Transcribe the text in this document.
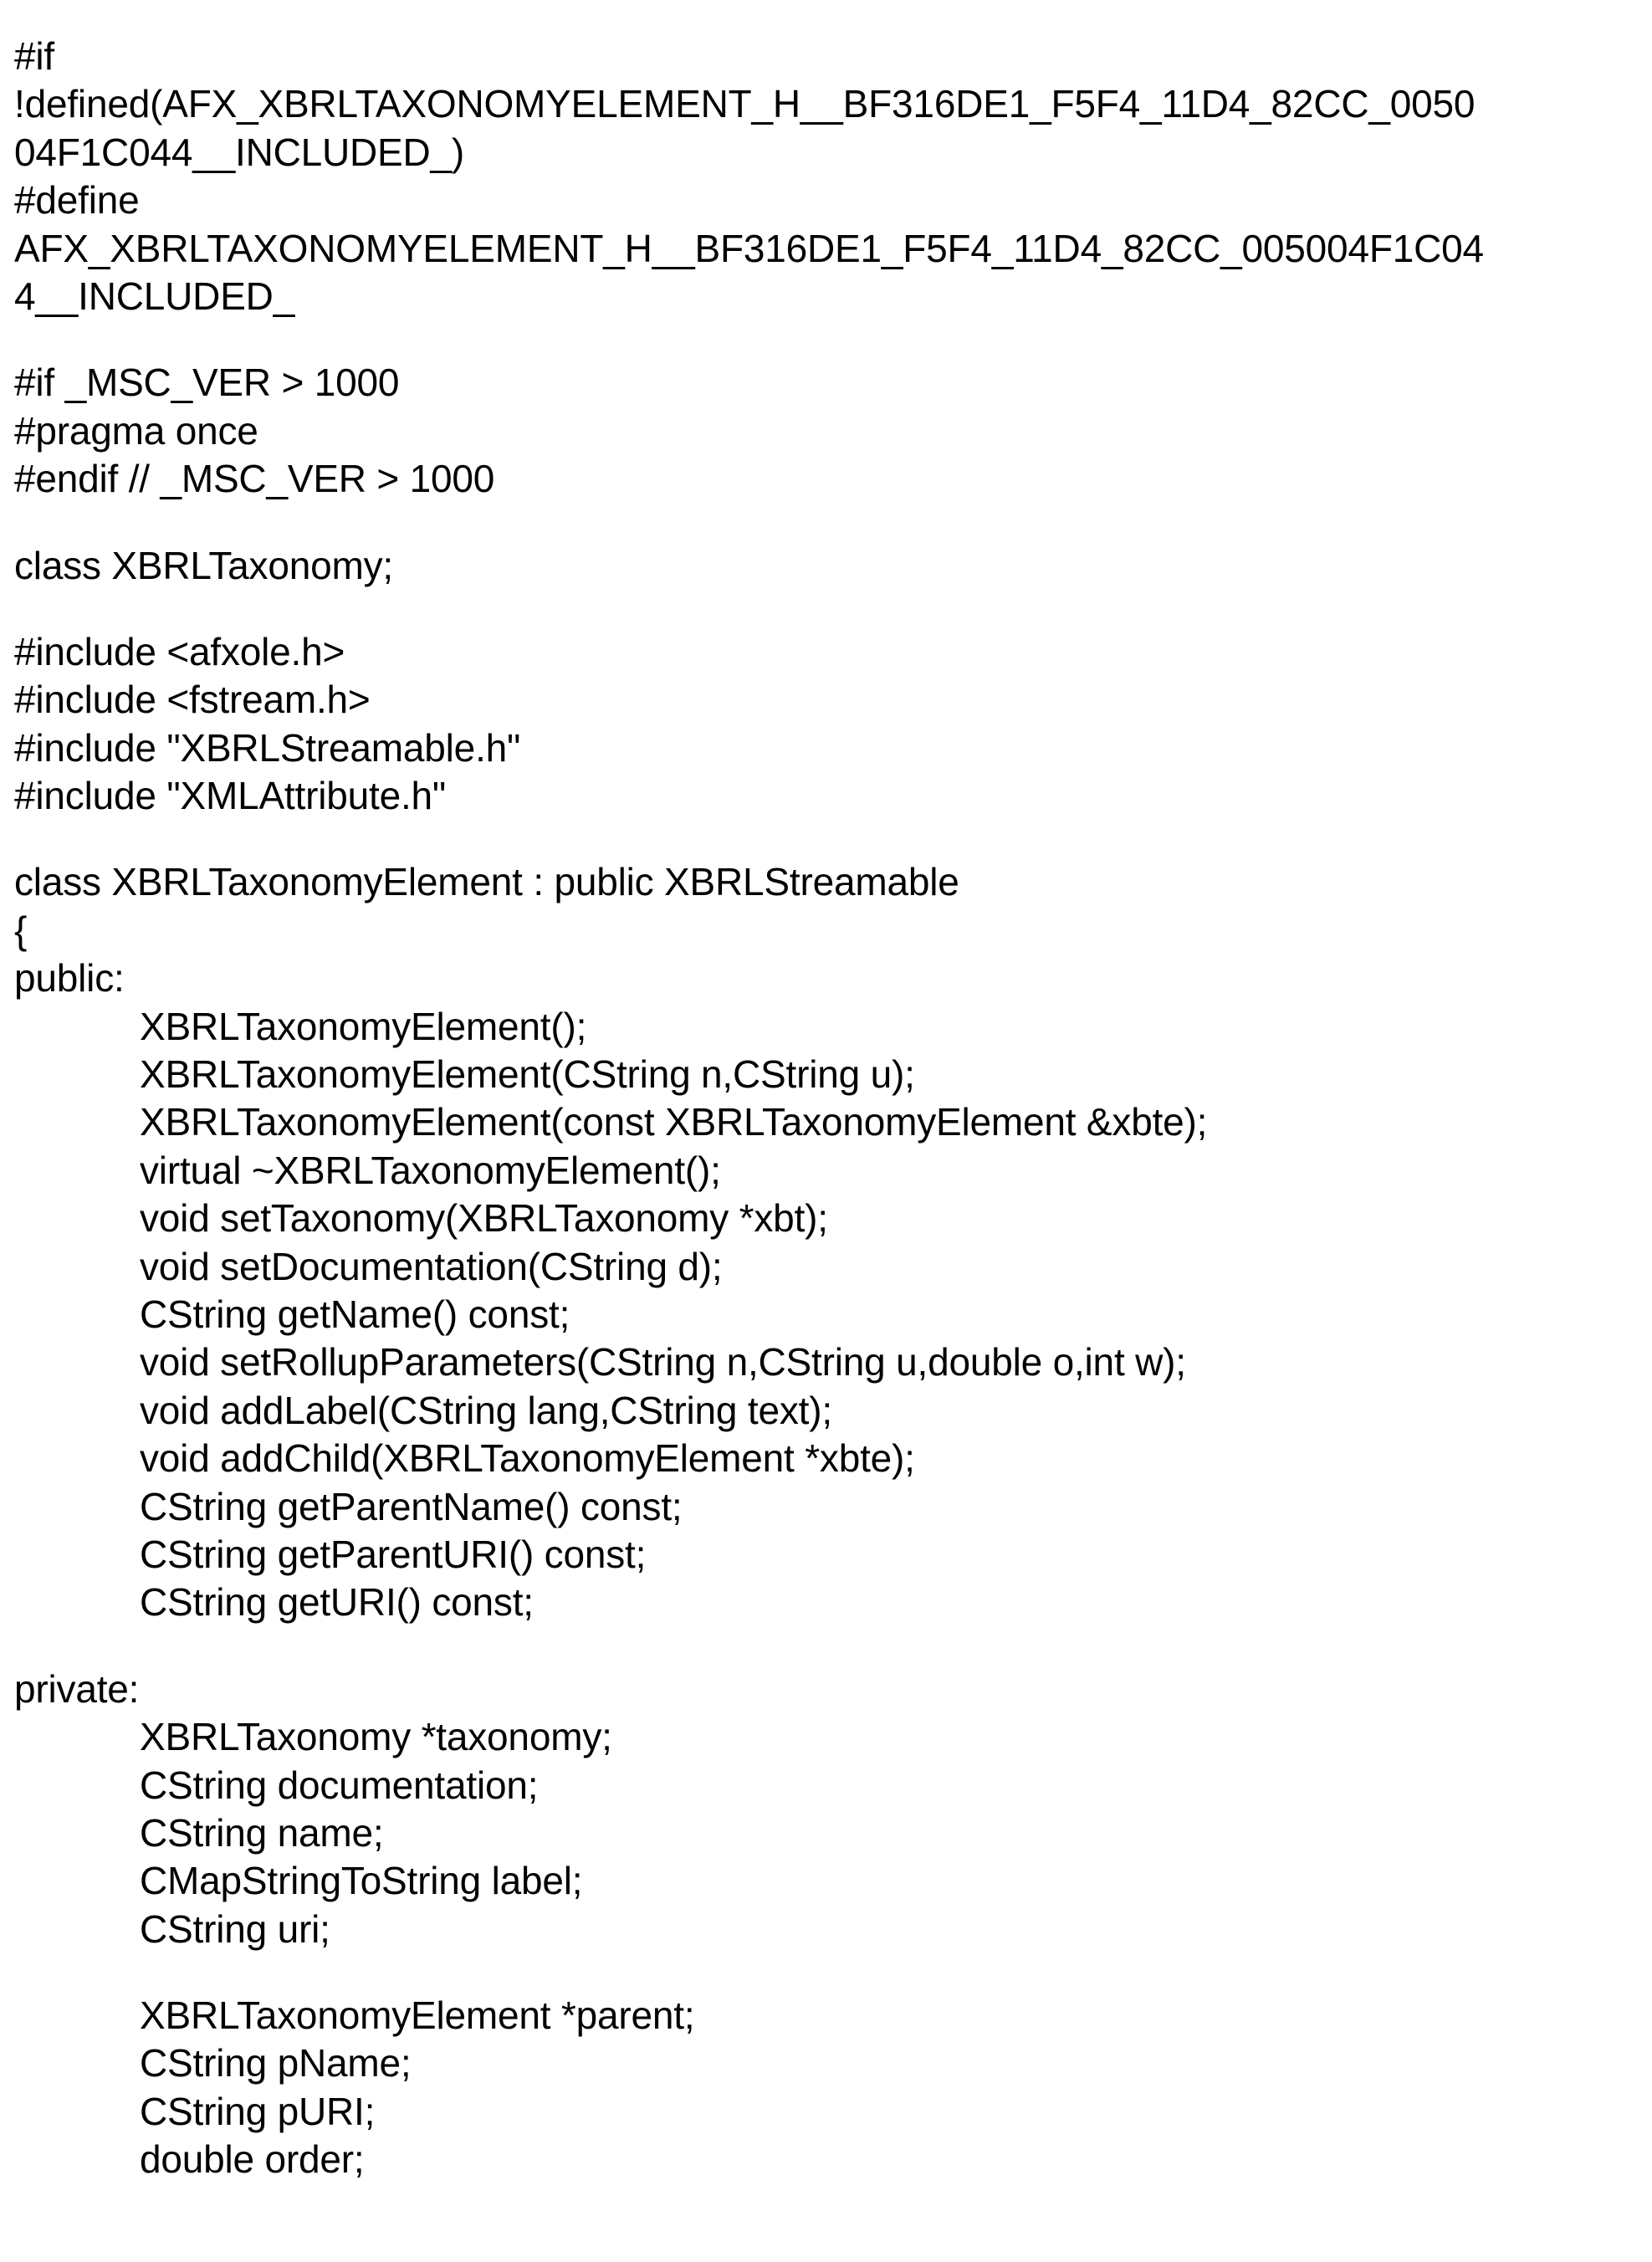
#if
!defined(AFX_XBRLTAXONOMYELEMENT_H__BF316DE1_F5F4_11D4_82CC_0050
04F1C044__INCLUDED_)
#define
AFX_XBRLTAXONOMYELEMENT_H__BF316DE1_F5F4_11D4_82CC_005004F1C04
4__INCLUDED_
#if _MSC_VER > 1000
#pragma once
#endif // _MSC_VER > 1000
class XBRLTaxonomy;
#include <afxole.h>
#include <fstream.h>
#include "XBRLStreamable.h"
#include "XMLAttribute.h"
class XBRLTaxonomyElement : public XBRLStreamable
{
public:
XBRLTaxonomyElement();
XBRLTaxonomyElement(CString n,CString u);
XBRLTaxonomyElement(const XBRLTaxonomyElement &xbte);
virtual ~XBRLTaxonomyElement();
void setTaxonomy(XBRLTaxonomy *xbt);
void setDocumentation(CString d);
CString getName() const;
void setRollupParameters(CString n,CString u,double o,int w);
void addLabel(CString lang,CString text);
void addChild(XBRLTaxonomyElement *xbte);
CString getParentName() const;
CString getParentURI() const;
CString getURI() const;
private:
XBRLTaxonomy *taxonomy;
CString documentation;
CString name;
CMapStringToString label;
CString uri;
XBRLTaxonomyElement *parent;
CString pName;
CString pURI;
double order;
